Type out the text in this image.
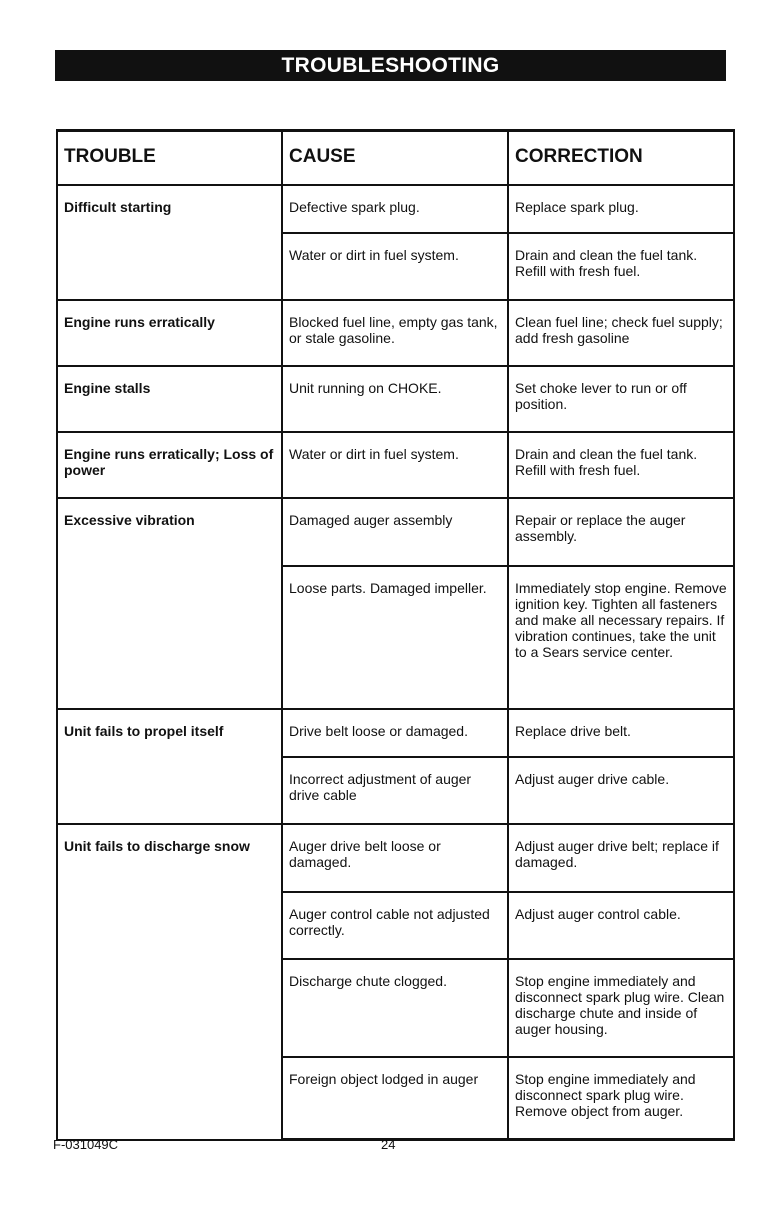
TROUBLESHOOTING
TROUBLE	CAUSE	CORRECTION
Difficult starting	Defective spark plug.	Replace spark plug.
	Water or dirt in fuel system.	Drain and clean the fuel tank. Refill with fresh fuel.
Engine runs erratically	Blocked fuel line, empty gas tank, or stale gasoline.	Clean fuel line; check fuel supply; add fresh gasoline
Engine stalls	Unit running on CHOKE.	Set choke lever to run or off position.
Engine runs erratically; Loss of power	Water or dirt in fuel system.	Drain and clean the fuel tank. Refill with fresh fuel.
Excessive vibration	Damaged auger assembly	Repair or replace the auger assembly.
	Loose parts. Damaged impeller.	Immediately stop engine. Remove ignition key. Tighten all fasteners and make all necessary repairs. If vibration continues, take the unit to a Sears service center.
Unit fails to propel itself	Drive belt loose or damaged.	Replace drive belt.
	Incorrect adjustment of auger drive cable	Adjust auger drive cable.
Unit fails to discharge snow	Auger drive belt loose or damaged.	Adjust auger drive belt; replace if damaged.
	Auger control cable not adjusted correctly.	Adjust auger control cable.
	Discharge chute clogged.	Stop engine immediately and disconnect spark plug wire. Clean discharge chute and inside of auger housing.
	Foreign object lodged in auger	Stop engine immediately and disconnect spark plug wire. Remove object from auger.
F-031049C	24
